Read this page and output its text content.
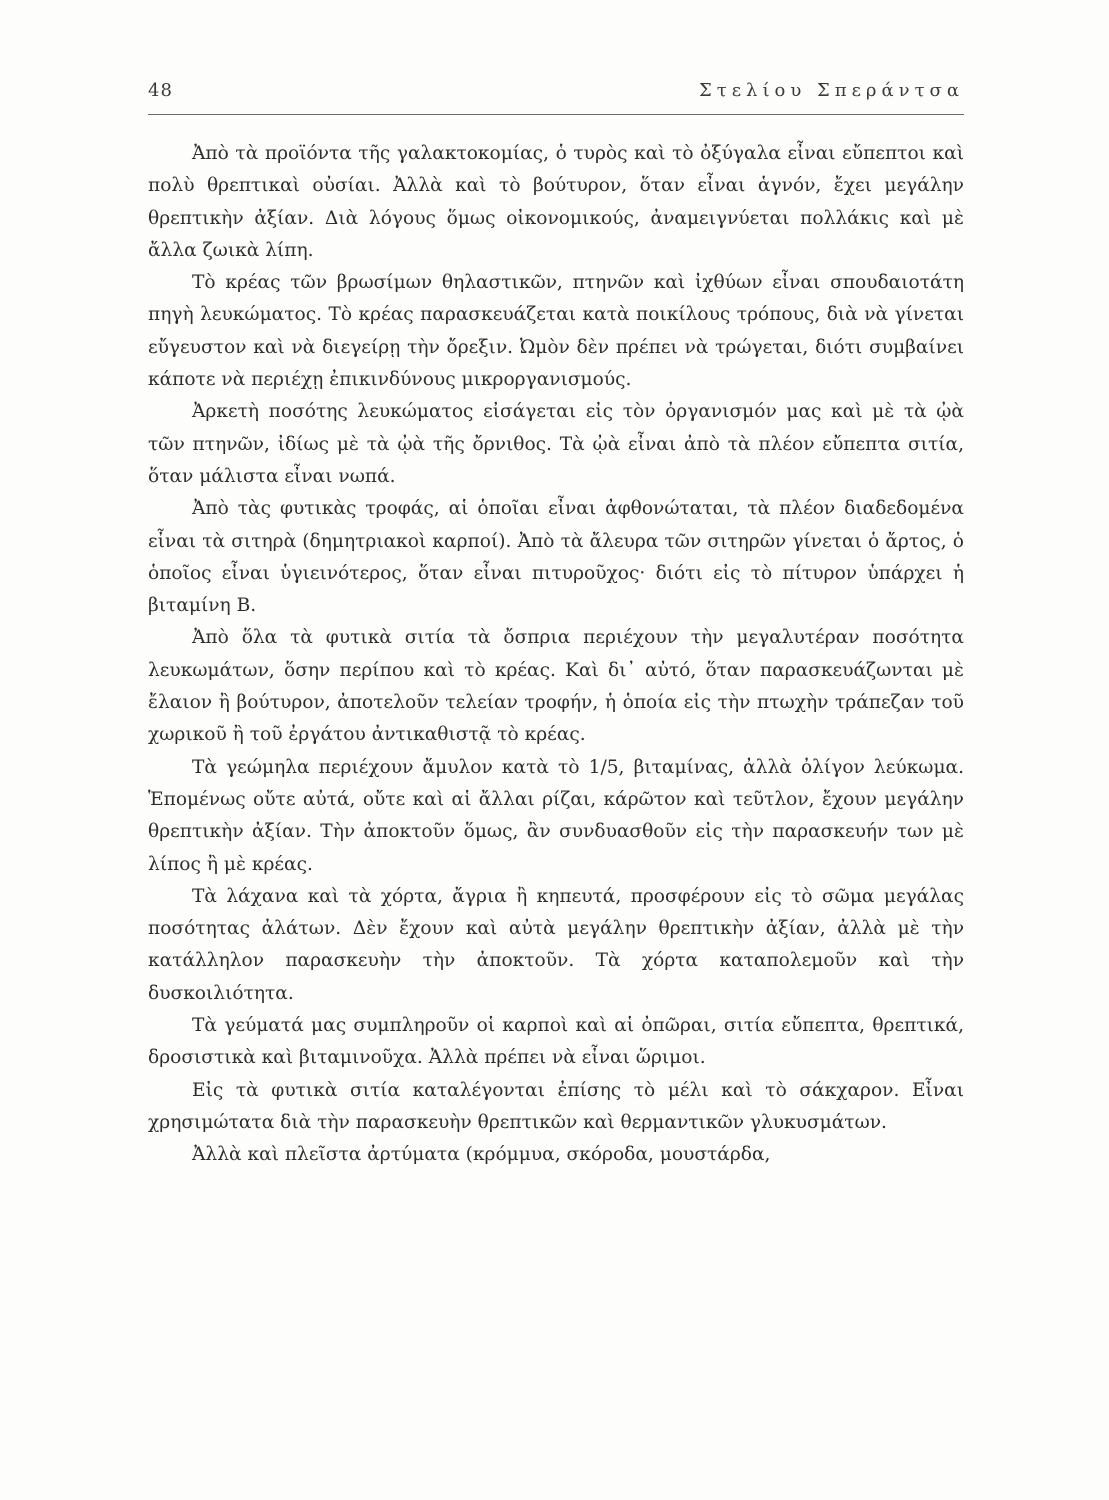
48	Στελίου Σπεράντσα

Ἀπὸ τὰ προϊόντα τῆς γαλακτοκομίας, ὁ τυρὸς καὶ τὸ ὀξύγαλα εἶναι εὔπεπτοι καὶ πολὺ θρεπτικαὶ οὐσίαι. Ἀλλὰ καὶ τὸ βούτυρον, ὅταν εἶναι ἁγνόν, ἔχει μεγάλην θρεπτικὴν ἀξίαν. Διὰ λόγους ὅμως οἰκονομικούς, ἀναμειγνύεται πολλάκις καὶ μὲ ἄλλα ζωικὰ λίπη.

Τὸ κρέας τῶν βρωσίμων θηλαστικῶν, πτηνῶν καὶ ἰχθύων εἶναι σπουδαιοτάτη πηγὴ λευκώματος. Τὸ κρέας παρασκευάζεται κατὰ ποικίλους τρόπους, διὰ νὰ γίνεται εὔγευστον καὶ νὰ διεγείρῃ τὴν ὄρεξιν. Ὠμὸν δὲν πρέπει νὰ τρώγεται, διότι συμβαίνει κάποτε νὰ περιέχῃ ἐπικινδύνους μικροργανισμούς.

Ἀρκετὴ ποσότης λευκώματος εἰσάγεται εἰς τὸν ὀργανισμόν μας καὶ μὲ τὰ ᾠὰ τῶν πτηνῶν, ἰδίως μὲ τὰ ᾠὰ τῆς ὄρνιθος. Τὰ ᾠὰ εἶναι ἀπὸ τὰ πλέον εὔπεπτα σιτία, ὅταν μάλιστα εἶναι νωπά.

Ἀπὸ τὰς φυτικὰς τροφάς, αἱ ὁποῖαι εἶναι ἀφθονώταται, τὰ πλέον διαδεδομένα εἶναι τὰ σιτηρὰ (δημητριακοὶ καρποί). Ἀπὸ τὰ ἄλευρα τῶν σιτηρῶν γίνεται ὁ ἄρτος, ὁ ὁποῖος εἶναι ὑγιεινότερος, ὅταν εἶναι πιτυροῦχος· διότι εἰς τὸ πίτυρον ὑπάρχει ἡ βιταμίνη Β.

Ἀπὸ ὅλα τὰ φυτικὰ σιτία τὰ ὄσπρια περιέχουν τὴν μεγαλυτέραν ποσότητα λευκωμάτων, ὅσην περίπου καὶ τὸ κρέας. Καὶ δι᾽ αὐτό, ὅταν παρασκευάζωνται μὲ ἔλαιον ἢ βούτυρον, ἀποτελοῦν τελείαν τροφήν, ἡ ὁποία εἰς τὴν πτωχὴν τράπεζαν τοῦ χωρικοῦ ἢ τοῦ ἐργάτου ἀντικαθιστᾷ τὸ κρέας.

Τὰ γεώμηλα περιέχουν ἄμυλον κατὰ τὸ 1/5, βιταμίνας, ἀλλὰ ὀλίγον λεύκωμα. Ἑπομένως οὔτε αὐτά, οὔτε καὶ αἱ ἄλλαι ρίζαι, κάρῶτον καὶ τεῦτλον, ἔχουν μεγάλην θρεπτικὴν ἀξίαν. Τὴν ἀποκτοῦν ὅμως, ἂν συνδυασθοῦν εἰς τὴν παρασκευήν των μὲ λίπος ἢ μὲ κρέας.

Τὰ λάχανα καὶ τὰ χόρτα, ἄγρια ἢ κηπευτά, προσφέρουν εἰς τὸ σῶμα μεγάλας ποσότητας ἀλάτων. Δὲν ἔχουν καὶ αὐτὰ μεγάλην θρεπτικὴν ἀξίαν, ἀλλὰ μὲ τὴν κατάλληλον παρασκευὴν τὴν ἀποκτοῦν. Τὰ χόρτα καταπολεμοῦν καὶ τὴν δυσκοιλιότητα.

Τὰ γεύματά μας συμπληροῦν οἱ καρποὶ καὶ αἱ ὀπῶραι, σιτία εὔπεπτα, θρεπτικά, δροσιστικὰ καὶ βιταμινοῦχα. Ἀλλὰ πρέπει νὰ εἶναι ὥριμοι.

Εἰς τὰ φυτικὰ σιτία καταλέγονται ἐπίσης τὸ μέλι καὶ τὸ σάκχαρον. Εἶναι χρησιμώτατα διὰ τὴν παρασκευὴν θρεπτικῶν καὶ θερμαντικῶν γλυκυσμάτων.

Ἀλλὰ καὶ πλεῖστα ἀρτύματα (κρόμμυα, σκόροδα, μουστάρδα,
